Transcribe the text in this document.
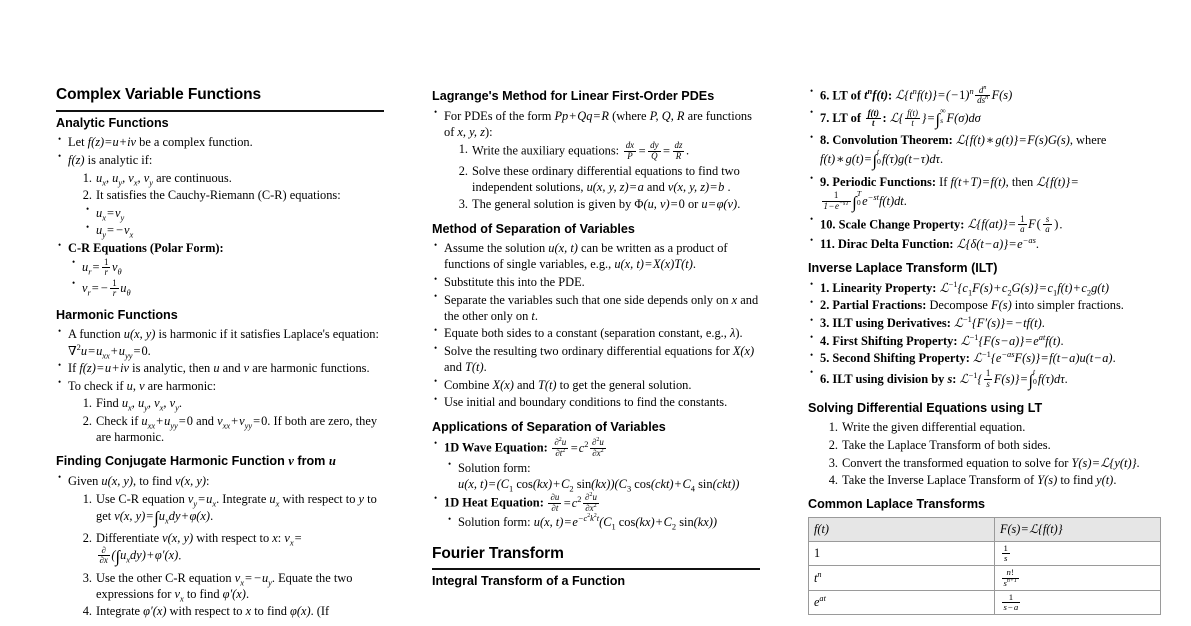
Complex Variable Functions
Analytic Functions
• Let f(z)=u+iv be a complex function.
• f(z) is analytic if:
$u_x$, $u_y$, $v_x$, $v_y$ are continuous.
It satisfies the Cauchy-Riemann (C-R) equations:
• $u_x=v_y$
• $u_y= -v_x$
• C-R Equations (Polar Form):
• $u_r= \frac{1}{r} v_\theta$
• $v_r= - \frac{1}{r} u_\theta$
Harmonic Functions
• A function u(x, y) is harmonic if it satisfies Laplace's equation: $\nabla^2u=u_{xx}+u_{yy}=0$.
• If f(z)=u+iv is analytic, then u and v are harmonic functions.
• To check if u, v are harmonic:
Find $u_x$, $u_y$, $v_x$, $v_y$.
Check if $u_{xx}+u_{yy}=0$ and $v_{xx}+v_{yy}=0$. If both are zero, they are harmonic.
Finding Conjugate Harmonic Function v from u
• Given u(x, y), to find v(x, y):
Use C-R equation $v_y=u_x$. Integrate $u_x$ with respect to y to get v(x, $y)=\int u_xdy+\varphi(x)$.
Differentiate v(x, y) with respect to x: $v_x=$
$\frac{\partial}{\partial x} (\int u_xdy)+\varphi'(x)$.
Use the other C-R equation $v_x= -u_y$. Equate the two expressions for $v_x$ to find φ′(x).
Integrate φ′(x) with respect to x to find φ(x). (If
Lagrange's Method for Linear First-Order PDEs
• For PDEs of the form Pp+Qq=R (where P, Q, R are functions of x, y, z):
Write the auxiliary equations: $\frac{dx}{P} = \frac{dy}{Q} = \frac{dz}{R}$ .
Solve these ordinary differential equations to find two independent solutions, u(x, y, z)=a and v(x, y, z)=b .
The general solution is given by Φ(u, v)=0 or u=φ(v).
Method of Separation of Variables
• Assume the solution u(x, t) can be written as a product of functions of single variables, e.g., u(x, t)=X(x)T(t).
• Substitute this into the PDE.
• Separate the variables such that one side depends only on x and the other only on t.
• Equate both sides to a constant (separation constant, e.g., λ).
• Solve the resulting two ordinary differential equations for X(x) and T(t).
• Combine X(x) and T(t) to get the general solution.
• Use initial and boundary conditions to find the constants.
Applications of Separation of Variables
• 1D Wave Equation: $\frac{\partial^2u}{\partial t^2} =c^2 \frac{\partial^2u}{\partial x^2}$
• Solution form: u(x, $t)=(C_1$ $\cos(kx)+C_2$ $\sin(kx))(C_3$ $\cos(ckt)+C_4$ sin(ckt))
• 1D Heat Equation: $\frac{\partial u}{\partial t} =c^2 \frac{\partial^2u}{\partial x^2}$
• Solution form: u(x, $t)=e^{-c^2k^2t}(C_1$ $\cos(kx)+C_2$ sin(kx))
Fourier Transform
Integral Transform of a Function
• 6. LT of $t^nf(t)$: $ℒ\{t^nf(t)\}=(-1)^n \frac{d^n}{ds^n} F(s)$
• 7. LT of $\frac{f(t)}{t}$ : ℒ{ $\frac{f(t)}{t}$ }=∫ ∞
s F(σ)dσ
• 8. Convolution Theorem: ℒ{f(t)∗g(t)}=F(s)G(s), where f(t)∗g(t)=∫ t
0 f(τ)g(t−τ)dτ.
• 9. Periodic Functions: If f(t+T)=f(t), then ℒ{f(t)}=
$\frac{1}{1-e^{-sT}}$ ∫ T
0 $e^{-st}f(t)dt$.
• 10. Scale Change Property: ℒ{f(at)}= $\frac{1}{a} F( \frac{s}{a}$ ).
• 11. Dirac Delta Function: $ℒ\{\delta(t-a)\}=e^{-as}$.
Inverse Laplace Transform (ILT)
• 1. Linearity Property: $ℒ^{-1}\{c_1F(s)+c_2G(s)\}=c_1f(t)+c_2g(t)$
• 2. Partial Fractions: Decompose F(s) into simpler fractions.
• 3. ILT using Derivatives: ℒ$^{-1}${F′(s)}= −tf(t).
• 4. First Shifting Property: $ℒ^{-1}\{F(s-a)\}=e^{at}f(t)$.
• 5. Second Shifting Property: $ℒ^{-1}\{e^{-as}F(s)\}=f(t-a)u(t-a)$.
• 6. ILT using division by s: ℒ$^{-1}${ $\frac{1}{s} F(s)\}=\int$ t
0 f(τ)dτ.
Solving Differential Equations using LT
Write the given differential equation.
Take the Laplace Transform of both sides.
Convert the transformed equation to solve for Y(s)=ℒ{y(t)}.
Take the Inverse Laplace Transform of Y(s) to find y(t).
Common Laplace Transforms
f(t)	F(s)=ℒ{f(t)}
1	$\frac{1}{s}$

$t^n$	$\frac{n!}{s^{n+1}}$

$e^{at}$	$\frac{1}{s-a}$
